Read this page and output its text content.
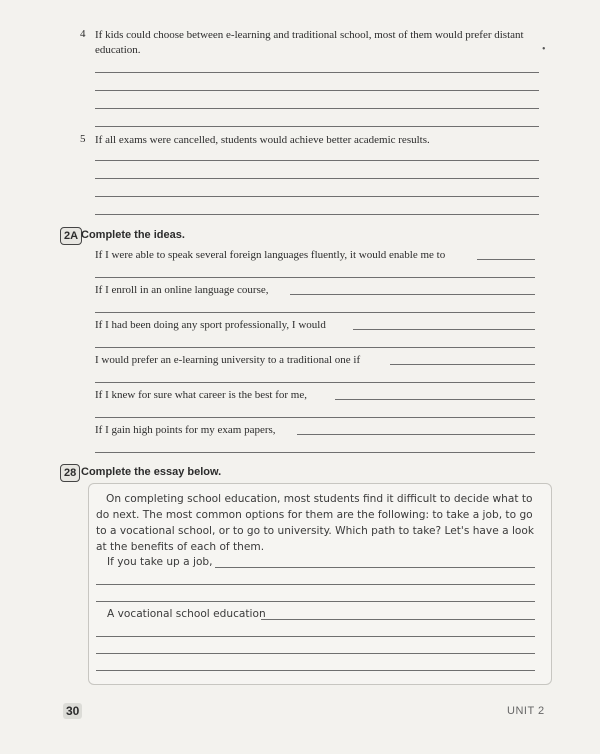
4 If kids could choose between e-learning and traditional school, most of them would prefer distant education.	•
5 If all exams were cancelled, students would achieve better academic results.
2A Complete the ideas.
If I were able to speak several foreign languages fluently, it would enable me to
If I enroll in an online language course,
If I had been doing any sport professionally, I would
I would prefer an e-learning university to a traditional one if
If I knew for sure what career is the best for me,
If I gain high points for my exam papers,
28 Complete the essay below.
On completing school education, most students find it difficult to decide what to do next. The most common options for them are the following: to take a job, to go to a vocational school, or to go to university. Which path to take? Let's have a look at the benefits of each of them.
If you take up a job,
A vocational school education
30	UNIT 2
